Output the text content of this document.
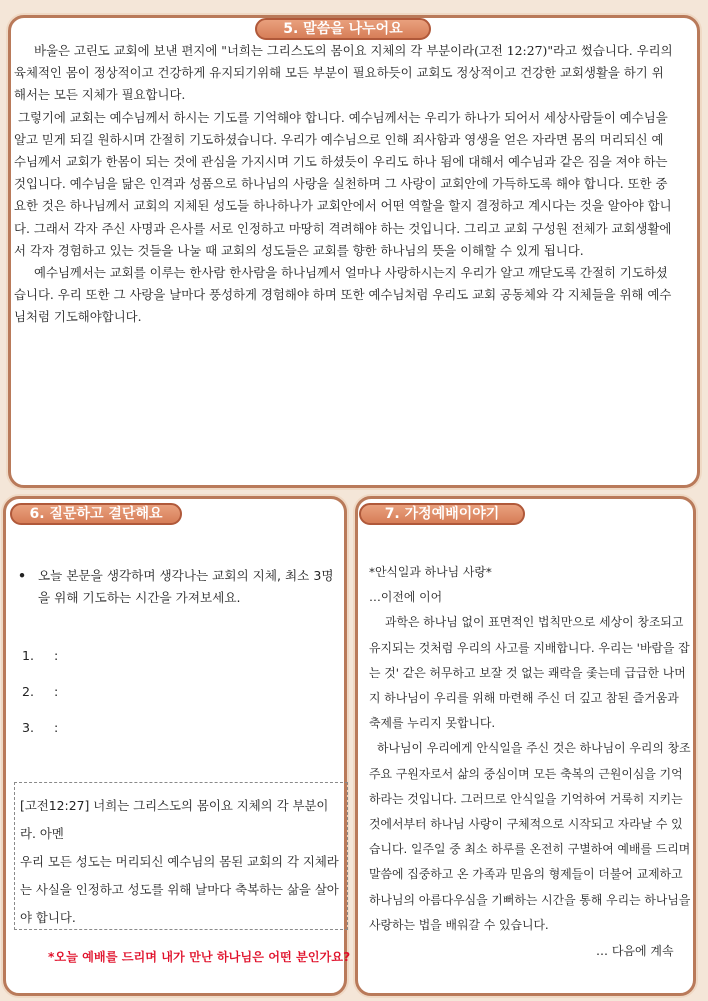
5. 말씀을 나누어요

바울은 고린도 교회에 보낸 편지에 "너희는 그리스도의 몸이요 지체의 각 부분이라(고전 12:27)"라고 썼습니다. 우리의 육체적인 몸이 정상적이고 건강하게 유지되기위해 모든 부분이 필요하듯이 교회도 정상적이고 건강한 교회생활을 하기 위해서는 모든 지체가 필요합니다.

그렇기에 교회는 예수님께서 하시는 기도를 기억해야 합니다. 예수님께서는 우리가 하나가 되어서 세상사람들이 예수님을 알고 믿게 되길 원하시며 간절히 기도하셨습니다. 우리가 예수님으로 인해 죄사함과 영생을 얻은 자라면 몸의 머리되신 예수님께서 교회가 한몸이 되는 것에 관심을 가지시며 기도 하셨듯이 우리도 하나 됨에 대해서 예수님과 같은 짐을 져야 하는 것입니다. 예수님을 닮은 인격과 성품으로 하나님의 사랑을 실천하며 그 사랑이 교회안에 가득하도록 해야 합니다. 또한 중요한 것은 하나님께서 교회의 지체된 성도들 하나하나가 교회안에서 어떤 역할을 할지 결정하고 계시다는 것을 알아야 합니다. 그래서 각자 주신 사명과 은사를 서로 인정하고 마땅히 격려해야 하는 것입니다. 그리고 교회 구성원 전체가 교회생활에서 각자 경험하고 있는 것들을 나눌 때 교회의 성도들은 교회를 향한 하나님의 뜻을 이해할 수 있게 됩니다.

예수님께서는 교회를 이루는 한사람 한사람을 하나님께서 얼마나 사랑하시는지 우리가 알고 깨닫도록 간절히 기도하셨습니다. 우리 또한 그 사랑을 날마다 풍성하게 경험해야 하며 또한 예수님처럼 우리도 교회 공동체와 각 지체들을 위해 예수님처럼 기도해야합니다.

6. 질문하고 결단해요
• 오늘 본문을 생각하며 생각나는 교회의 지체, 최소 3명을 위해 기도하는 시간을 가져보세요.
1. :
2. :
3. :

[고전12:27] 너희는 그리스도의 몸이요 지체의 각 부분이라. 아멘

우리 모든 성도는 머리되신 예수님의 몸된 교회의 각 지체라는 사실을 인정하고 성도를 위해 날마다 축복하는 삶을 살아야 합니다.

*오늘 예배를 드리며 내가 만난 하나님은 어떤 분인가요?
7. 가정예배이야기

*안식일과 하나님 사랑*

…이전에 이어

과학은 하나님 없이 표면적인 법칙만으로 세상이 창조되고 유지되는 것처럼 우리의 사고를 지배합니다. 우리는 '바람을 잡는 것' 같은 허무하고 보잘 것 없는 쾌락을 좇는데 급급한 나머지 하나님이 우리를 위해 마련해 주신 더 깊고 참된 즐거움과 축제를 누리지 못합니다.

하나님이 우리에게 안식일을 주신 것은 하나님이 우리의 창조주요 구원자로서 삶의 중심이며 모든 축복의 근원이심을 기억하라는 것입니다. 그러므로 안식일을 기억하여 거룩히 지키는 것에서부터 하나님 사랑이 구체적으로 시작되고 자라날 수 있습니다. 일주일 중 최소 하루를 온전히 구별하여 예배를 드리며 말씀에 집중하고 온 가족과 믿음의 형제들이 더불어 교제하고 하나님의 아름다우심을 기뻐하는 시간을 통해 우리는 하나님을 사랑하는 법을 배워갈 수 있습니다.

… 다음에 계속
